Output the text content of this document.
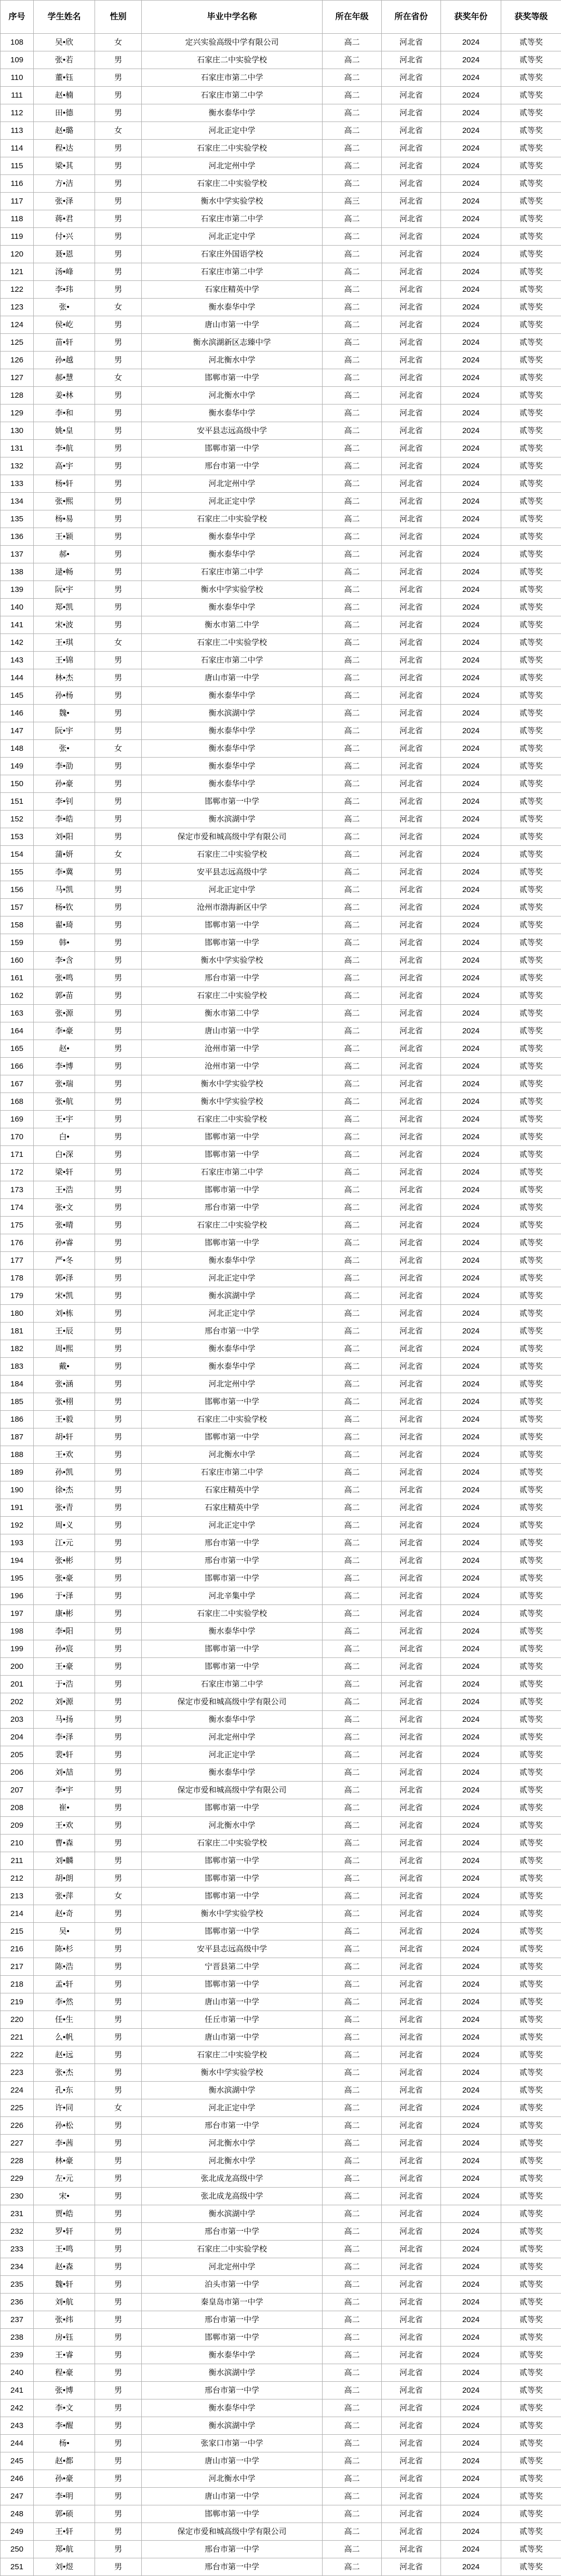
序号	学生姓名	性别	毕业中学名称	所在年级	所在省份	获奖年份	获奖等级
108	吴•欣	女	定兴实验高级中学有限公司	高二	河北省	2024	贰等奖
109	张•若	男	石家庄二中实验学校	高二	河北省	2024	贰等奖
110	董•钰	男	石家庄市第二中学	高二	河北省	2024	贰等奖
111	赵•楠	男	石家庄市第二中学	高二	河北省	2024	贰等奖
112	田•德	男	衡水泰华中学	高二	河北省	2024	贰等奖
113	赵•璐	女	河北正定中学	高二	河北省	2024	贰等奖
114	程•达	男	石家庄二中实验学校	高二	河北省	2024	贰等奖
115	梁•其	男	河北定州中学	高二	河北省	2024	贰等奖
116	方•洁	男	石家庄二中实验学校	高二	河北省	2024	贰等奖
117	张•泽	男	衡水中学实验学校	高三	河北省	2024	贰等奖
118	蒋•君	男	石家庄市第二中学	高二	河北省	2024	贰等奖
119	付•兴	男	河北正定中学	高二	河北省	2024	贰等奖
120	聂•恩	男	石家庄外国语学校	高二	河北省	2024	贰等奖
121	汤•峰	男	石家庄市第二中学	高二	河北省	2024	贰等奖
122	李•玮	男	石家庄精英中学	高二	河北省	2024	贰等奖
123	张•	女	衡水泰华中学	高二	河北省	2024	贰等奖
124	侯•屹	男	唐山市第一中学	高二	河北省	2024	贰等奖
125	苗•轩	男	衡水滨湖新区志臻中学	高二	河北省	2024	贰等奖
126	孙•越	男	河北衡水中学	高二	河北省	2024	贰等奖
127	郝•慧	女	邯郸市第一中学	高二	河北省	2024	贰等奖
128	姜•林	男	河北衡水中学	高二	河北省	2024	贰等奖
129	李•和	男	衡水泰华中学	高二	河北省	2024	贰等奖
130	姚•皇	男	安平县志远高级中学	高二	河北省	2024	贰等奖
131	李•航	男	邯郸市第一中学	高二	河北省	2024	贰等奖
132	高•宇	男	邢台市第一中学	高二	河北省	2024	贰等奖
133	杨•轩	男	河北定州中学	高二	河北省	2024	贰等奖
134	张•熙	男	河北正定中学	高二	河北省	2024	贰等奖
135	杨•易	男	石家庄二中实验学校	高二	河北省	2024	贰等奖
136	王•颖	男	衡水泰华中学	高二	河北省	2024	贰等奖
137	郝•	男	衡水泰华中学	高二	河北省	2024	贰等奖
138	逯•畅	男	石家庄市第二中学	高二	河北省	2024	贰等奖
139	阮•宇	男	衡水中学实验学校	高二	河北省	2024	贰等奖
140	郑•凯	男	衡水泰华中学	高二	河北省	2024	贰等奖
141	宋•波	男	衡水市第二中学	高二	河北省	2024	贰等奖
142	王•琪	女	石家庄二中实验学校	高二	河北省	2024	贰等奖
143	王•锦	男	石家庄市第二中学	高二	河北省	2024	贰等奖
144	林•杰	男	唐山市第一中学	高二	河北省	2024	贰等奖
145	孙•杨	男	衡水泰华中学	高二	河北省	2024	贰等奖
146	魏•	男	衡水滨湖中学	高二	河北省	2024	贰等奖
147	阮•宇	男	衡水泰华中学	高二	河北省	2024	贰等奖
148	张•	女	衡水泰华中学	高二	河北省	2024	贰等奖
149	李•劭	男	衡水泰华中学	高二	河北省	2024	贰等奖
150	孙•豪	男	衡水泰华中学	高二	河北省	2024	贰等奖
151	李•钊	男	邯郸市第一中学	高二	河北省	2024	贰等奖
152	李•皓	男	衡水滨湖中学	高二	河北省	2024	贰等奖
153	刘•阳	男	保定市爱和城高级中学有限公司	高二	河北省	2024	贰等奖
154	蒲•妍	女	石家庄二中实验学校	高二	河北省	2024	贰等奖
155	李•冀	男	安平县志远高级中学	高二	河北省	2024	贰等奖
156	马•凯	男	河北正定中学	高二	河北省	2024	贰等奖
157	杨•钦	男	沧州市渤海新区中学	高二	河北省	2024	贰等奖
158	翟•琦	男	邯郸市第一中学	高二	河北省	2024	贰等奖
159	韩•	男	邯郸市第一中学	高二	河北省	2024	贰等奖
160	李•含	男	衡水中学实验学校	高二	河北省	2024	贰等奖
161	张•鸣	男	邢台市第一中学	高二	河北省	2024	贰等奖
162	郭•苗	男	石家庄二中实验学校	高二	河北省	2024	贰等奖
163	张•源	男	衡水市第二中学	高二	河北省	2024	贰等奖
164	李•豪	男	唐山市第一中学	高二	河北省	2024	贰等奖
165	赵•	男	沧州市第一中学	高二	河北省	2024	贰等奖
166	李•博	男	沧州市第一中学	高二	河北省	2024	贰等奖
167	张•瑞	男	衡水中学实验学校	高二	河北省	2024	贰等奖
168	张•航	男	衡水中学实验学校	高二	河北省	2024	贰等奖
169	王•宇	男	石家庄二中实验学校	高二	河北省	2024	贰等奖
170	白•	男	邯郸市第一中学	高二	河北省	2024	贰等奖
171	白•深	男	邯郸市第一中学	高二	河北省	2024	贰等奖
172	梁•轩	男	石家庄市第二中学	高二	河北省	2024	贰等奖
173	王•浩	男	邯郸市第一中学	高二	河北省	2024	贰等奖
174	张•文	男	邢台市第一中学	高二	河北省	2024	贰等奖
175	张•晴	男	石家庄二中实验学校	高二	河北省	2024	贰等奖
176	孙•睿	男	邯郸市第一中学	高二	河北省	2024	贰等奖
177	严•冬	男	衡水泰华中学	高二	河北省	2024	贰等奖
178	郭•泽	男	河北正定中学	高二	河北省	2024	贰等奖
179	宋•凯	男	衡水滨湖中学	高二	河北省	2024	贰等奖
180	刘•栋	男	河北正定中学	高二	河北省	2024	贰等奖
181	王•辰	男	邢台市第一中学	高二	河北省	2024	贰等奖
182	周•熙	男	衡水泰华中学	高二	河北省	2024	贰等奖
183	戴•	男	衡水泰华中学	高二	河北省	2024	贰等奖
184	张•涵	男	河北定州中学	高二	河北省	2024	贰等奖
185	张•栩	男	邯郸市第一中学	高二	河北省	2024	贰等奖
186	王•毅	男	石家庄二中实验学校	高二	河北省	2024	贰等奖
187	胡•轩	男	邯郸市第一中学	高二	河北省	2024	贰等奖
188	王•欢	男	河北衡水中学	高二	河北省	2024	贰等奖
189	孙•凯	男	石家庄市第二中学	高二	河北省	2024	贰等奖
190	徐•杰	男	石家庄精英中学	高二	河北省	2024	贰等奖
191	张•青	男	石家庄精英中学	高二	河北省	2024	贰等奖
192	周•义	男	河北正定中学	高二	河北省	2024	贰等奖
193	江•元	男	邢台市第一中学	高二	河北省	2024	贰等奖
194	张•彬	男	邢台市第一中学	高二	河北省	2024	贰等奖
195	张•豪	男	邯郸市第一中学	高二	河北省	2024	贰等奖
196	于•泽	男	河北辛集中学	高二	河北省	2024	贰等奖
197	康•彬	男	石家庄二中实验学校	高二	河北省	2024	贰等奖
198	李•阳	男	衡水泰华中学	高二	河北省	2024	贰等奖
199	孙•宸	男	邯郸市第一中学	高二	河北省	2024	贰等奖
200	王•豪	男	邯郸市第一中学	高二	河北省	2024	贰等奖
201	于•浩	男	石家庄市第二中学	高二	河北省	2024	贰等奖
202	刘•源	男	保定市爱和城高级中学有限公司	高二	河北省	2024	贰等奖
203	马•扬	男	衡水泰华中学	高二	河北省	2024	贰等奖
204	李•泽	男	河北定州中学	高二	河北省	2024	贰等奖
205	裴•轩	男	河北正定中学	高二	河北省	2024	贰等奖
206	刘•喆	男	衡水泰华中学	高二	河北省	2024	贰等奖
207	李•宇	男	保定市爱和城高级中学有限公司	高二	河北省	2024	贰等奖
208	崔•	男	邯郸市第一中学	高二	河北省	2024	贰等奖
209	王•欢	男	河北衡水中学	高二	河北省	2024	贰等奖
210	曹•森	男	石家庄二中实验学校	高二	河北省	2024	贰等奖
211	刘•麟	男	邯郸市第一中学	高二	河北省	2024	贰等奖
212	胡•朗	男	邯郸市第一中学	高二	河北省	2024	贰等奖
213	张•萍	女	邯郸市第一中学	高二	河北省	2024	贰等奖
214	赵•奇	男	衡水中学实验学校	高二	河北省	2024	贰等奖
215	吴•	男	邯郸市第一中学	高二	河北省	2024	贰等奖
216	陈•杉	男	安平县志远高级中学	高二	河北省	2024	贰等奖
217	陈•浩	男	宁晋县第二中学	高二	河北省	2024	贰等奖
218	孟•轩	男	邯郸市第一中学	高二	河北省	2024	贰等奖
219	李•然	男	唐山市第一中学	高二	河北省	2024	贰等奖
220	任•生	男	任丘市第一中学	高二	河北省	2024	贰等奖
221	么•帆	男	唐山市第一中学	高二	河北省	2024	贰等奖
222	赵•远	男	石家庄二中实验学校	高二	河北省	2024	贰等奖
223	张•杰	男	衡水中学实验学校	高二	河北省	2024	贰等奖
224	孔•东	男	衡水滨湖中学	高二	河北省	2024	贰等奖
225	许•同	女	河北正定中学	高二	河北省	2024	贰等奖
226	孙•松	男	邢台市第一中学	高二	河北省	2024	贰等奖
227	李•茜	男	河北衡水中学	高二	河北省	2024	贰等奖
228	林•豪	男	河北衡水中学	高二	河北省	2024	贰等奖
229	左•元	男	张北成龙高级中学	高二	河北省	2024	贰等奖
230	宋•	男	张北成龙高级中学	高二	河北省	2024	贰等奖
231	贾•皓	男	衡水滨湖中学	高二	河北省	2024	贰等奖
232	罗•轩	男	邢台市第一中学	高二	河北省	2024	贰等奖
233	王•鸣	男	石家庄二中实验学校	高二	河北省	2024	贰等奖
234	赵•森	男	河北定州中学	高二	河北省	2024	贰等奖
235	魏•轩	男	泊头市第一中学	高二	河北省	2024	贰等奖
236	刘•航	男	秦皇岛市第一中学	高二	河北省	2024	贰等奖
237	张•纬	男	邢台市第一中学	高二	河北省	2024	贰等奖
238	房•钰	男	邯郸市第一中学	高二	河北省	2024	贰等奖
239	王•睿	男	衡水泰华中学	高二	河北省	2024	贰等奖
240	程•豪	男	衡水滨湖中学	高二	河北省	2024	贰等奖
241	张•博	男	邢台市第一中学	高二	河北省	2024	贰等奖
242	李•文	男	衡水泰华中学	高二	河北省	2024	贰等奖
243	李•醒	男	衡水滨湖中学	高二	河北省	2024	贰等奖
244	杨•	男	张家口市第一中学	高二	河北省	2024	贰等奖
245	赵•都	男	唐山市第一中学	高二	河北省	2024	贰等奖
246	孙•豪	男	河北衡水中学	高二	河北省	2024	贰等奖
247	李•明	男	唐山市第一中学	高二	河北省	2024	贰等奖
248	郭•硕	男	邯郸市第一中学	高二	河北省	2024	贰等奖
249	王•轩	男	保定市爱和城高级中学有限公司	高二	河北省	2024	贰等奖
250	郑•航	男	邢台市第一中学	高二	河北省	2024	贰等奖
251	刘•煜	男	邢台市第一中学	高二	河北省	2024	贰等奖
